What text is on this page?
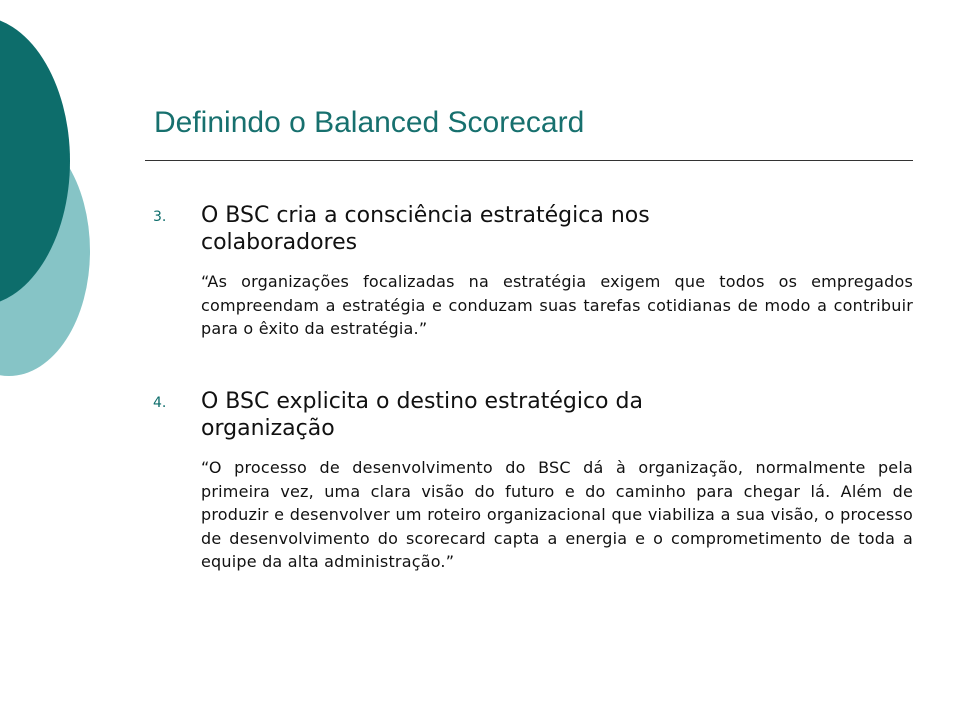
Definindo o Balanced Scorecard
3. O BSC cria a consciência estratégica nos colaboradores
“As organizações focalizadas na estratégia exigem que todos os empregados compreendam a estratégia e conduzam suas tarefas cotidianas de modo a contribuir para o êxito da estratégia.”
4. O BSC explicita o destino estratégico da organização
“O processo de desenvolvimento do BSC dá à organização, normalmente pela primeira vez, uma clara visão do futuro e do caminho para chegar lá. Além de produzir e desenvolver um roteiro organizacional que viabiliza a sua visão, o processo de desenvolvimento do scorecard capta a energia e o comprometimento de toda a equipe da alta administração.”
